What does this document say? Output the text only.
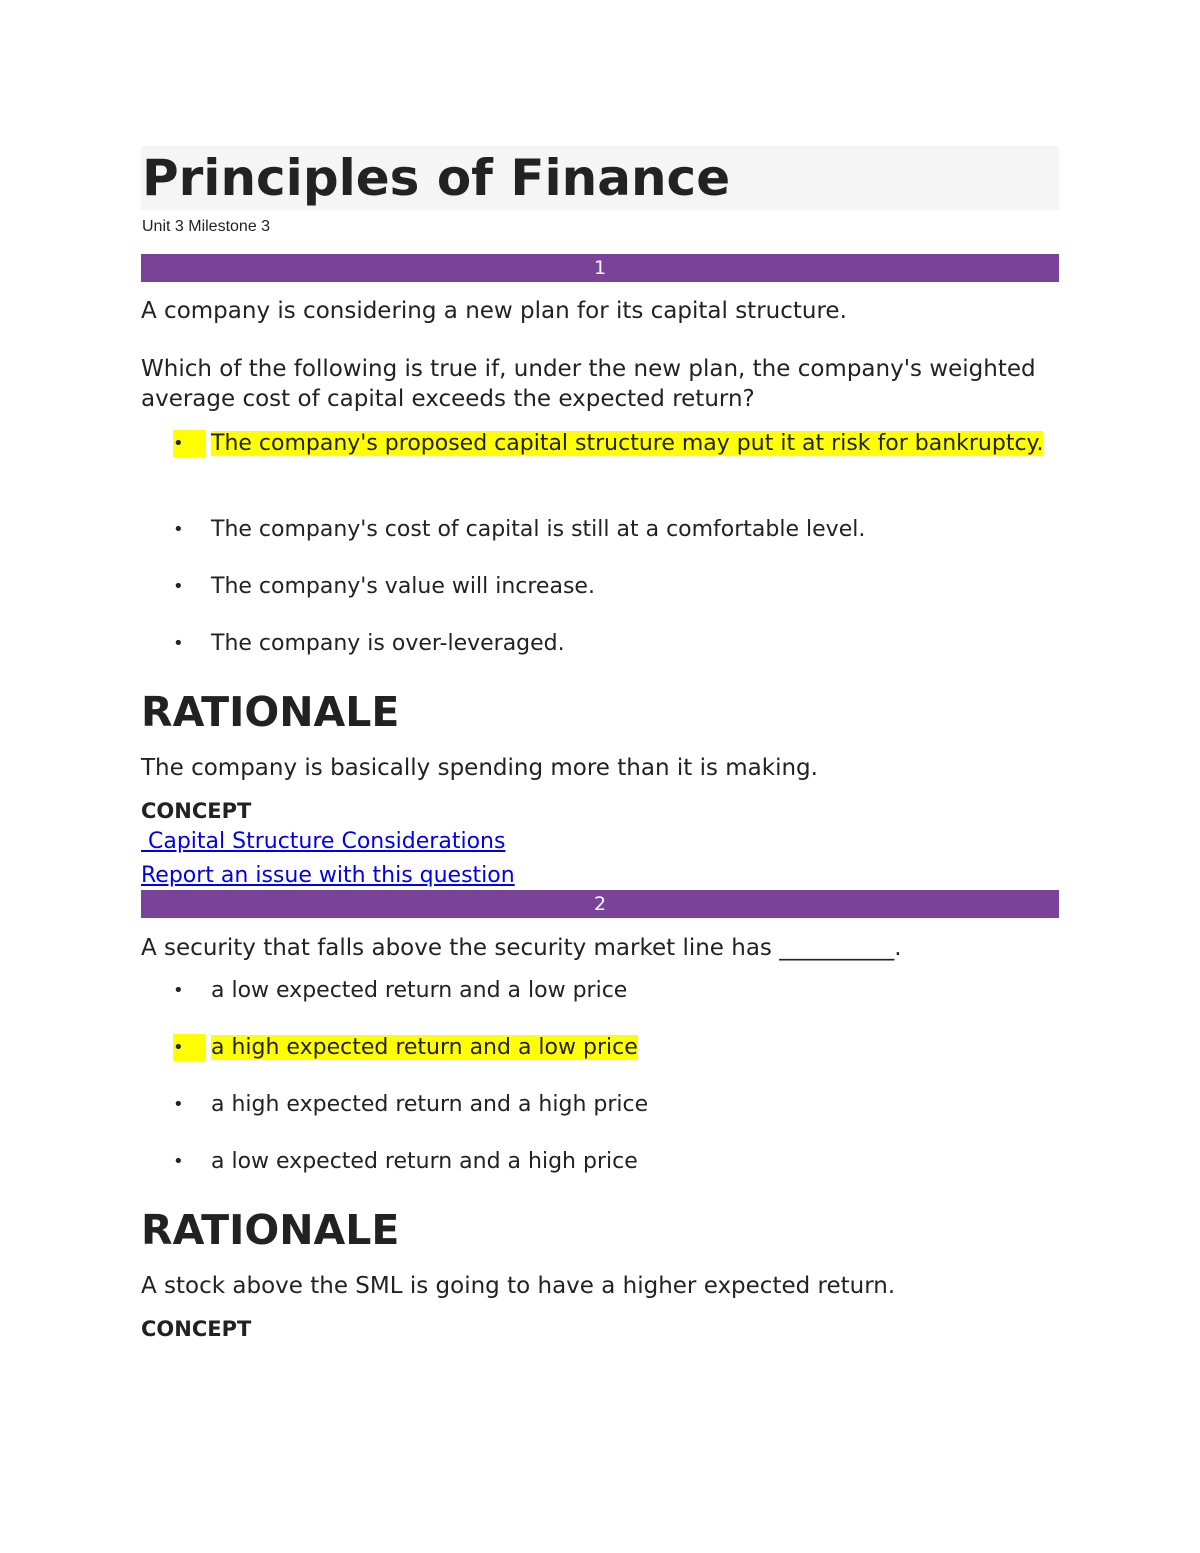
Principles of Finance
Unit 3 Milestone 3
1

A company is considering a new plan for its capital structure.

Which of the following is true if, under the new plan, the company's weighted average cost of capital exceeds the expected return?

•	The company's proposed capital structure may put it at risk for bankruptcy.
• The company's cost of capital is still at a comfortable level.
• The company's value will increase.
• The company is over-leveraged.
RATIONALE

The company is basically spending more than it is making.

CONCEPT

Capital Structure Considerations
Report an issue with this question
2

A security that falls above the security market line has __________.

• a low expected return and a low price
•	a high expected return and a low price
• a high expected return and a high price
• a low expected return and a high price
RATIONALE

A stock above the SML is going to have a higher expected return.

CONCEPT
